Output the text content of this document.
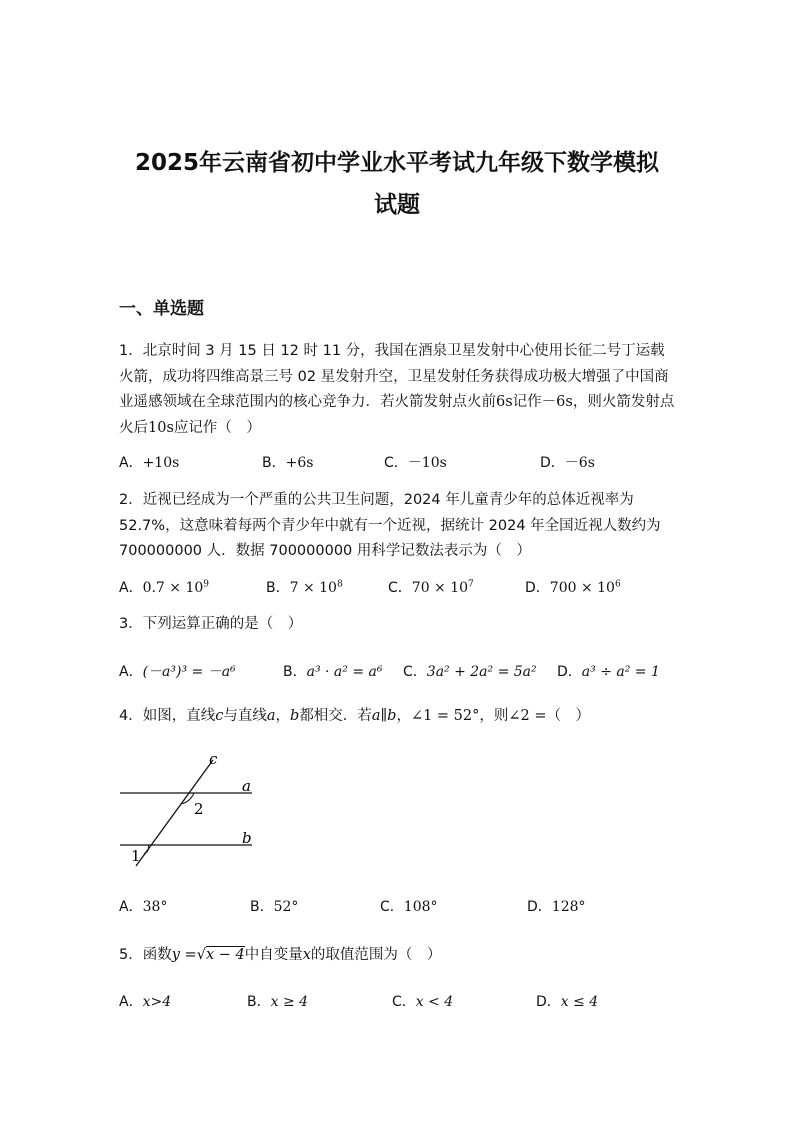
2025年云南省初中学业水平考试九年级下数学模拟
试题
一、单选题
1．北京时间 3 月 15 日 12 时 11 分，我国在酒泉卫星发射中心使用长征二号丁运载火箭，成功将四维高景三号 02 星发射升空，卫星发射任务获得成功极大增强了中国商业遥感领域在全球范围内的核心竞争力．若火箭发射点火前6s记作－6s，则火箭发射点火后10s应记作（　）
A．+10s	B．+6s	C．－10s	D．－6s
2．近视已经成为一个严重的公共卫生问题，2024 年儿童青少年的总体近视率为 52.7%，这意味着每两个青少年中就有一个近视，据统计 2024 年全国近视人数约为 700000000 人．数据 700000000 用科学记数法表示为（　）
A．$0.7 \times 10^9$	B．$7 \times 10^8$	C．$70 \times 10^7$	D．$700 \times 10^6$
3．下列运算正确的是（　）
A．(－a³)³ = －a⁶	B．a³ · a² = a⁶ C．3a² + 2a² = 5a² D．a³ ÷ a² = 1
4．如图，直线c与直线a，b都相交．若a∥b，∠1 = 52°，则∠2 =（　）
c
a
b
2
1
A．38°	B．52°	C．108°	D．128°
5．函数y =√x − 4中自变量x的取值范围为（　）
A．x>4	B．x ≥ 4	C．x < 4	D．x ≤ 4
